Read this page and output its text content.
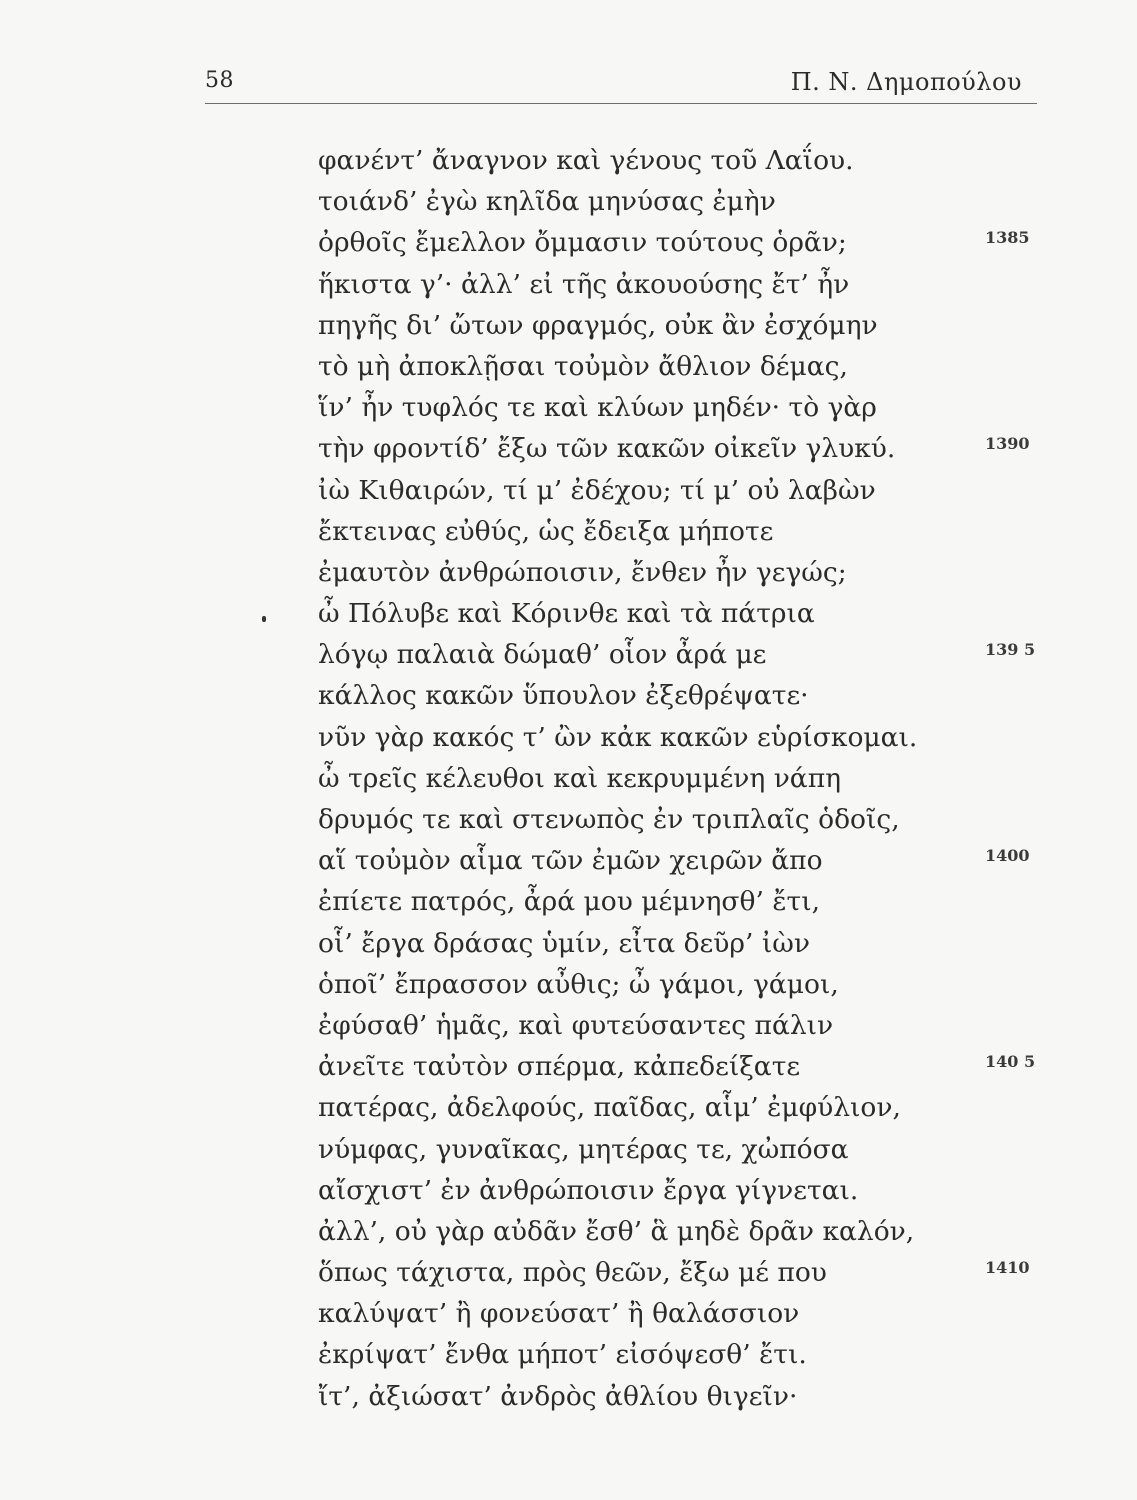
58	Π. Ν. Δημοπούλου
φανέντ’ ἄναγνον καὶ γένους τοῦ Λαΐου.
τοιάνδ’ ἐγὼ κηλῖδα μηνύσας ἐμὴν
ὀρθοῖς ἔμελλον ὄμμασιν τούτους ὁρᾶν;	1385
ἥκιστα γ’· ἀλλ’ εἰ τῆς ἀκουούσης ἔτ’ ἦν
πηγῆς δι’ ὤτων φραγμός, οὐκ ἂν ἐσχόμην
τὸ μὴ ἀποκλῇσαι τοὐμὸν ἄθλιον δέμας,
ἵν’ ἦν τυφλός τε καὶ κλύων μηδέν· τὸ γὰρ
τὴν φροντίδ’ ἔξω τῶν κακῶν οἰκεῖν γλυκύ.	1390
ἰὼ Κιθαιρών, τί μ’ ἐδέχου; τί μ’ οὐ λαβὼν
ἔκτεινας εὐθύς, ὡς ἔδειξα μήποτε
ἐμαυτὸν ἀνθρώποισιν, ἔνθεν ἦν γεγώς;
ὦ Πόλυβε καὶ Κόρινθε καὶ τὰ πάτρια
λόγῳ παλαιὰ δώμαθ’ οἷον ἆρά με	139 5
κάλλος κακῶν ὕπουλον ἐξεθρέψατε·
νῦν γὰρ κακός τ’ ὢν κἀκ κακῶν εὑρίσκομαι.
ὦ τρεῖς κέλευθοι καὶ κεκρυμμένη νάπη
δρυμός τε καὶ στενωπὸς ἐν τριπλαῖς ὁδοῖς,
αἵ τοὐμὸν αἷμα τῶν ἐμῶν χειρῶν ἄπο	1400
ἐπίετε πατρός, ἆρά μου μέμνησθ’ ἔτι,
οἷ’ ἔργα δράσας ὑμίν, εἶτα δεῦρ’ ἰὼν
ὁποῖ’ ἔπρασσον αὖθις; ὦ γάμοι, γάμοι,
ἐφύσαθ’ ἡμᾶς, καὶ φυτεύσαντες πάλιν
ἀνεῖτε ταὐτὸν σπέρμα, κἀπεδείξατε	140 5
πατέρας, ἀδελφούς, παῖδας, αἷμ’ ἐμφύλιον,
νύμφας, γυναῖκας, μητέρας τε, χὠπόσα
αἴσχιστ’ ἐν ἀνθρώποισιν ἔργα γίγνεται.
ἀλλ’, οὐ γὰρ αὐδᾶν ἔσθ’ ἃ μηδὲ δρᾶν καλόν,
ὅπως τάχιστα, πρὸς θεῶν, ἔξω μέ που	1410
καλύψατ’ ἢ φονεύσατ’ ἢ θαλάσσιον
ἐκρίψατ’ ἔνθα μήποτ’ εἰσόψεσθ’ ἔτι.
ἴτ’, ἀξιώσατ’ ἀνδρὸς ἀθλίου θιγεῖν·
